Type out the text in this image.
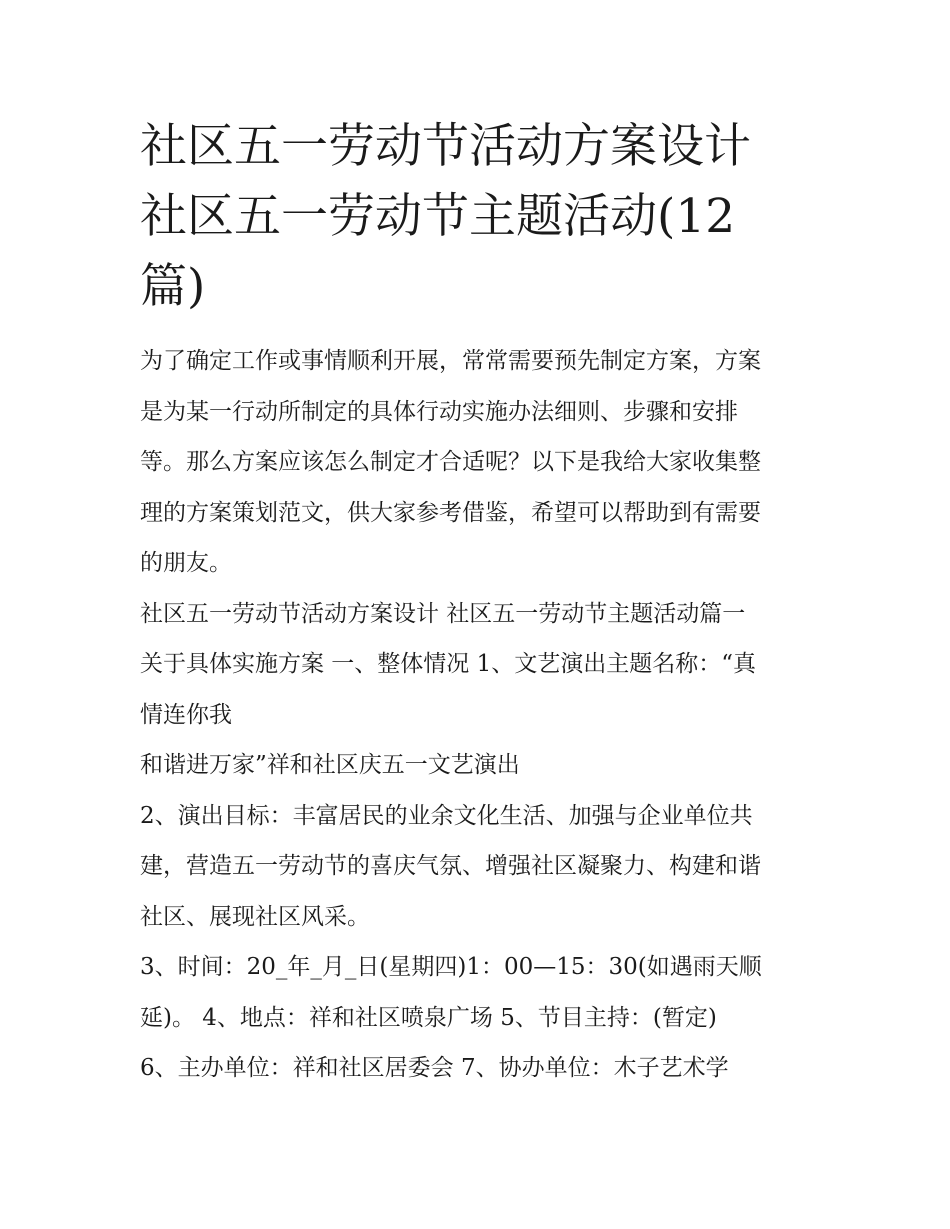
社区五一劳动节活动方案设计
社区五一劳动节主题活动(12
篇)

为了确定工作或事情顺利开展，常常需要预先制定方案，方案
是为某一行动所制定的具体行动实施办法细则、步骤和安排
等。那么方案应该怎么制定才合适呢？以下是我给大家收集整
理的方案策划范文，供大家参考借鉴，希望可以帮助到有需要
的朋友。

社区五一劳动节活动方案设计 社区五一劳动节主题活动篇一
关于具体实施方案 一、整体情况 1、文艺演出主题名称：“真
情连你我

和谐进万家”祥和社区庆五一文艺演出

2、演出目标：丰富居民的业余文化生活、加强与企业单位共
建，营造五一劳动节的喜庆气氛、增强社区凝聚力、构建和谐
社区、展现社区风采。

3、时间：20_年_月_日(星期四)1：00—15：30(如遇雨天顺
延)。 4、地点：祥和社区喷泉广场 5、节目主持：(暂定)

6、主办单位：祥和社区居委会 7、协办单位：木子艺术学
